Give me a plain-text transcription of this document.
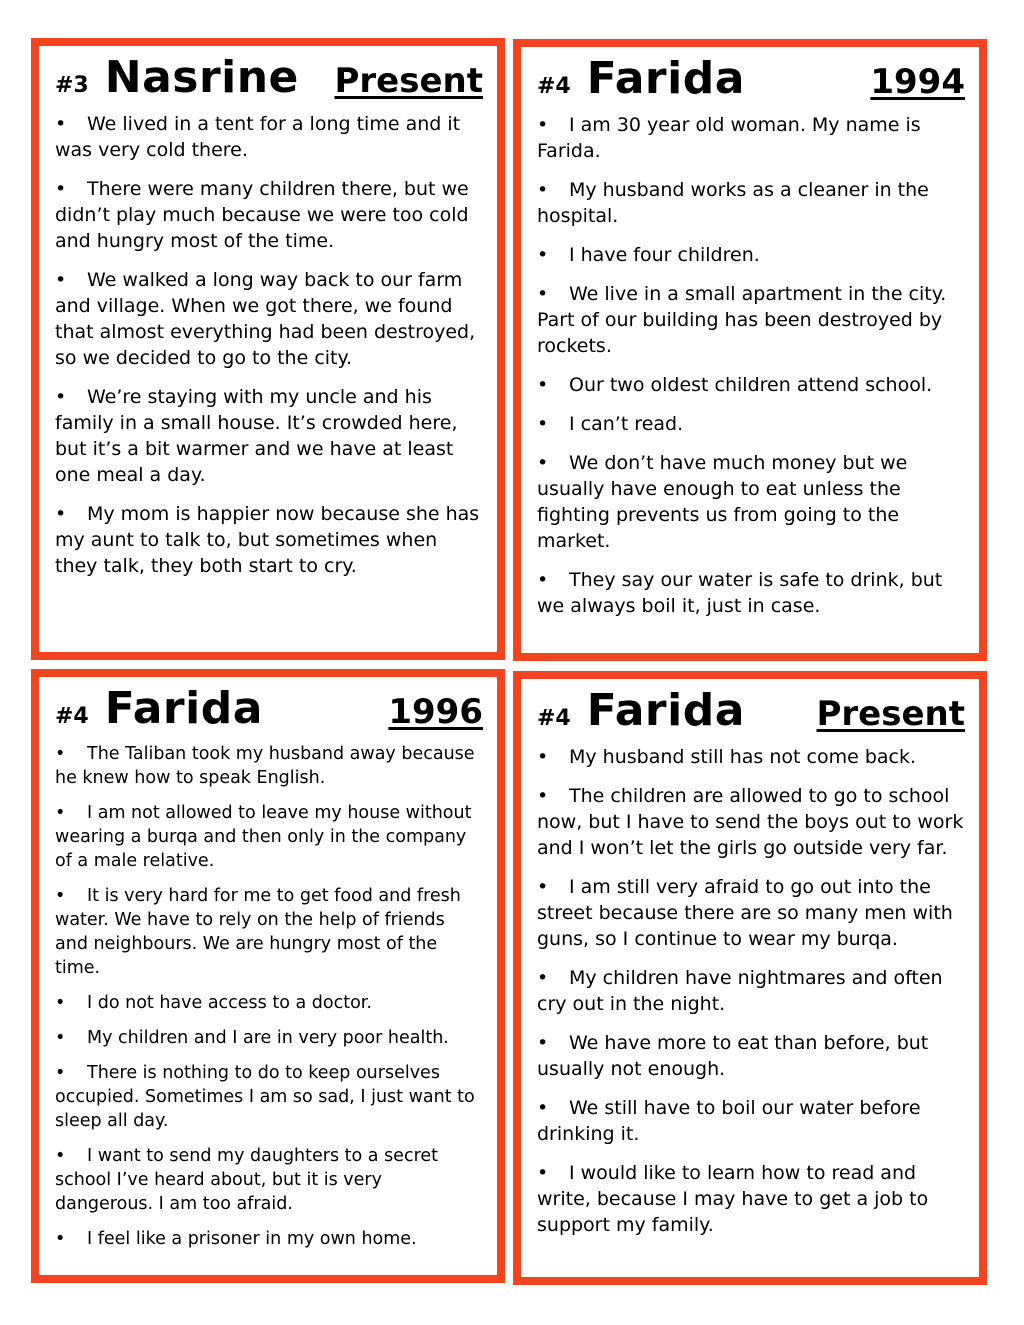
#3 Nasrine Present
• We lived in a tent for a long time and it was very cold there.
• There were many children there, but we didn’t play much because we were too cold and hungry most of the time.
• We walked a long way back to our farm and village. When we got there, we found that almost everything had been destroyed, so we decided to go to the city.
• We’re staying with my uncle and his family in a small house. It’s crowded here, but it’s a bit warmer and we have at least one meal a day.
• My mom is happier now because she has my aunt to talk to, but sometimes when they talk, they both start to cry.
#4 Farida	1994
• I am 30 year old woman. My name is Farida.
• My husband works as a cleaner in the hospital.
• I have four children.
• We live in a small apartment in the city. Part of our building has been destroyed by rockets.
• Our two oldest children attend school.
• I can’t read.
• We don’t have much money but we usually have enough to eat unless the fighting prevents us from going to the market.
• They say our water is safe to drink, but we always boil it, just in case.
#4 Farida	1996
• The Taliban took my husband away because he knew how to speak English.
• I am not allowed to leave my house without wearing a burqa and then only in the company of a male relative.
• It is very hard for me to get food and fresh water. We have to rely on the help of friends and neighbours. We are hungry most of the time.
• I do not have access to a doctor.
• My children and I are in very poor health.
• There is nothing to do to keep ourselves occupied. Sometimes I am so sad, I just want to sleep all day.
• I want to send my daughters to a secret school I’ve heard about, but it is very dangerous. I am too afraid.
• I feel like a prisoner in my own home.
#4 Farida Present
• My husband still has not come back.
• The children are allowed to go to school now, but I have to send the boys out to work and I won’t let the girls go outside very far.
• I am still very afraid to go out into the street because there are so many men with guns, so I continue to wear my burqa.
• My children have nightmares and often cry out in the night.
• We have more to eat than before, but usually not enough.
• We still have to boil our water before drinking it.
• I would like to learn how to read and write, because I may have to get a job to support my family.
